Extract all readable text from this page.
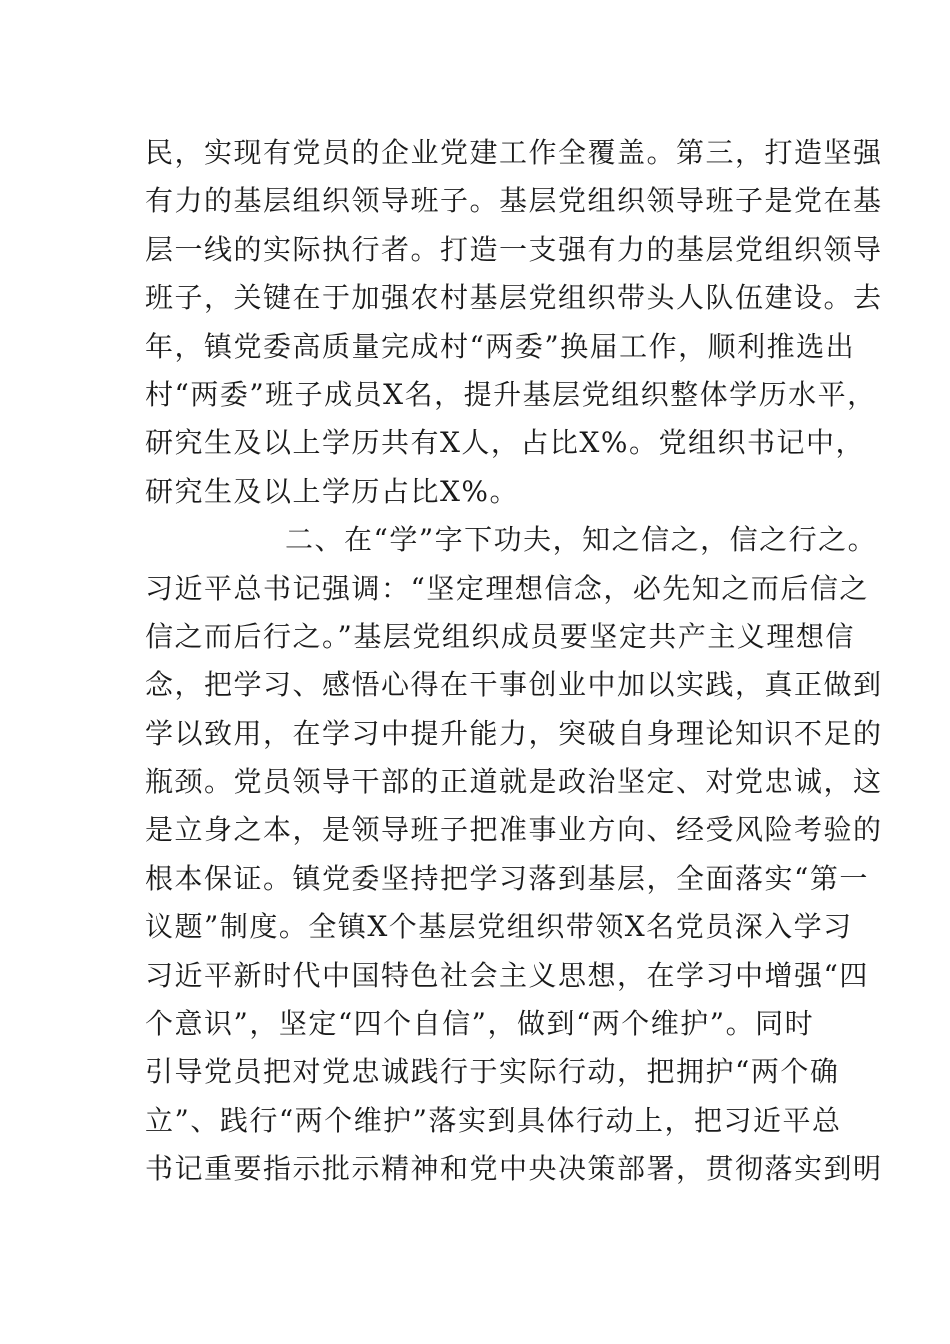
民，实现有党员的企业党建工作全覆盖。第三，打造坚强
有力的基层组织领导班子。基层党组织领导班子是党在基
层一线的实际执行者。打造一支强有力的基层党组织领导
班子，关键在于加强农村基层党组织带头人队伍建设。去
年，镇党委高质量完成村“两委”换届工作，顺利推选出
村“两委”班子成员X名，提升基层党组织整体学历水平，
研究生及以上学历共有X人，占比X%。党组织书记中，
研究生及以上学历占比X%。
二、在“学”字下功夫，知之信之，信之行之。
习近平总书记强调：“坚定理想信念，必先知之而后信之
信之而后行之。”基层党组织成员要坚定共产主义理想信
念，把学习、感悟心得在干事创业中加以实践，真正做到
学以致用，在学习中提升能力，突破自身理论知识不足的
瓶颈。党员领导干部的正道就是政治坚定、对党忠诚，这
是立身之本，是领导班子把准事业方向、经受风险考验的
根本保证。镇党委坚持把学习落到基层，全面落实“第一
议题”制度。全镇X个基层党组织带领X名党员深入学习
习近平新时代中国特色社会主义思想，在学习中增强“四
个意识”，坚定“四个自信”，做到“两个维护”。同时
引导党员把对党忠诚践行于实际行动，把拥护“两个确
立”、践行“两个维护”落实到具体行动上，把习近平总
书记重要指示批示精神和党中央决策部署，贯彻落实到明
